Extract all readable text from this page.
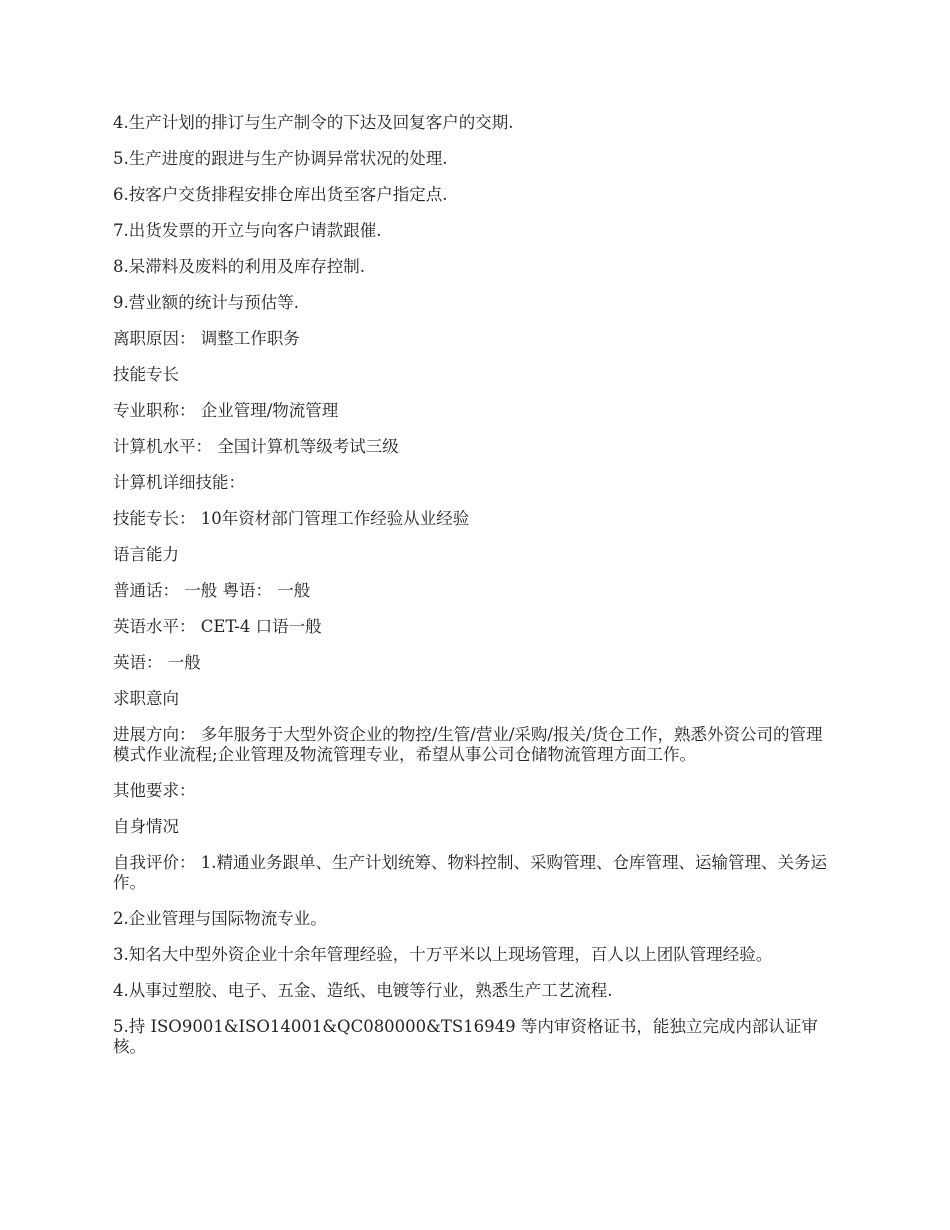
4.生产计划的排订与生产制令的下达及回复客户的交期.

5.生产进度的跟进与生产协调异常状况的处理.

6.按客户交货排程安排仓库出货至客户指定点.

7.出货发票的开立与向客户请款跟催.

8.呆滞料及废料的利用及库存控制.

9.营业额的统计与预估等.

离职原因： 调整工作职务

技能专长

专业职称： 企业管理/物流管理

计算机水平： 全国计算机等级考试三级

计算机详细技能：

技能专长： 10年资材部门管理工作经验从业经验

语言能力

普通话： 一般 粤语： 一般

英语水平： CET-4 口语一般

英语： 一般

求职意向

进展方向： 多年服务于大型外资企业的物控/生管/营业/采购/报关/货仓工作，熟悉外资公司的管理模式作业流程;企业管理及物流管理专业，希望从事公司仓储物流管理方面工作。

其他要求：

自身情况

自我评价： 1.精通业务跟单、生产计划统筹、物料控制、采购管理、仓库管理、运输管理、关务运作。

2.企业管理与国际物流专业。

3.知名大中型外资企业十余年管理经验，十万平米以上现场管理，百人以上团队管理经验。

4.从事过塑胶、电子、五金、造纸、电镀等行业，熟悉生产工艺流程.

5.持 ISO9001&ISO14001&QC080000&TS16949 等内审资格证书，能独立完成内部认证审核。
